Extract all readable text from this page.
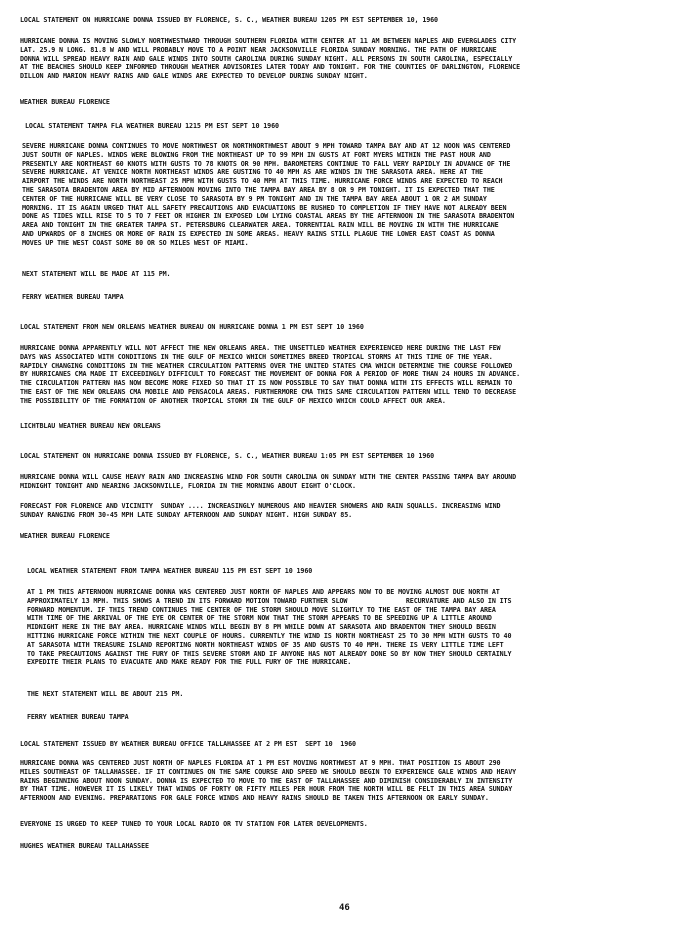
LOCAL STATEMENT ON HURRICANE DONNA ISSUED BY FLORENCE, S. C., WEATHER BUREAU 1205 PM EST SEPTEMBER 10, 1960

HURRICANE DONNA IS MOVING SLOWLY NORTHWESTWARD THROUGH SOUTHERN FLORIDA WITH CENTER AT 11 AM BETWEEN NAPLES AND EVERGLADES CITY
LAT. 25.9 N LONG. 81.8 W AND WILL PROBABLY MOVE TO A POINT NEAR JACKSONVILLE FLORIDA SUNDAY MORNING. THE PATH OF HURRICANE
DONNA WILL SPREAD HEAVY RAIN AND GALE WINDS INTO SOUTH CAROLINA DURING SUNDAY NIGHT. ALL PERSONS IN SOUTH CAROLINA, ESPECIALLY
AT THE BEACHES SHOULD KEEP INFORMED THROUGH WEATHER ADVISORIES LATER TODAY AND TONIGHT. FOR THE COUNTIES OF DARLINGTON, FLORENCE
DILLON AND MARION HEAVY RAINS AND GALE WINDS ARE EXPECTED TO DEVELOP DURING SUNDAY NIGHT.

WEATHER BUREAU FLORENCE

LOCAL STATEMENT TAMPA FLA WEATHER BUREAU 1215 PM EST SEPT 10 1960

SEVERE HURRICANE DONNA CONTINUES TO MOVE NORTHWEST OR NORTHNORTHWEST ABOUT 9 MPH TOWARD TAMPA BAY AND AT 12 NOON WAS CENTERED
JUST SOUTH OF NAPLES. WINDS WERE BLOWING FROM THE NORTHEAST UP TO 99 MPH IN GUSTS AT FORT MYERS WITHIN THE PAST HOUR AND
PRESENTLY ARE NORTHEAST 60 KNOTS WITH GUSTS TO 78 KNOTS OR 90 MPH. BAROMETERS CONTINUE TO FALL VERY RAPIDLY IN ADVANCE OF THE
SEVERE HURRICANE. AT VENICE NORTH NORTHEAST WINDS ARE GUSTING TO 40 MPH AS ARE WINDS IN THE SARASOTA AREA. HERE AT THE
AIRPORT THE WINDS ARE NORTH NORTHEAST 25 MPH WITH GUSTS TO 40 MPH AT THIS TIME. HURRICANE FORCE WINDS ARE EXPECTED TO REACH
THE SARASOTA BRADENTON AREA BY MID AFTERNOON MOVING INTO THE TAMPA BAY AREA BY 8 OR 9 PM TONIGHT. IT IS EXPECTED THAT THE
CENTER OF THE HURRICANE WILL BE VERY CLOSE TO SARASOTA BY 9 PM TONIGHT AND IN THE TAMPA BAY AREA ABOUT 1 OR 2 AM SUNDAY
MORNING. IT IS AGAIN URGED THAT ALL SAFETY PRECAUTIONS AND EVACUATIONS BE RUSHED TO COMPLETION IF THEY HAVE NOT ALREADY BEEN
DONE AS TIDES WILL RISE TO 5 TO 7 FEET OR HIGHER IN EXPOSED LOW LYING COASTAL AREAS BY THE AFTERNOON IN THE SARASOTA BRADENTON
AREA AND TONIGHT IN THE GREATER TAMPA ST. PETERSBURG CLEARWATER AREA. TORRENTIAL RAIN WILL BE MOVING IN WITH THE HURRICANE
AND UPWARDS OF 8 INCHES OR MORE OF RAIN IS EXPECTED IN SOME AREAS. HEAVY RAINS STILL PLAGUE THE LOWER EAST COAST AS DONNA
MOVES UP THE WEST COAST SOME 80 OR SO MILES WEST OF MIAMI.

NEXT STATEMENT WILL BE MADE AT 115 PM.

FERRY WEATHER BUREAU TAMPA

LOCAL STATEMENT FROM NEW ORLEANS WEATHER BUREAU ON HURRICANE DONNA 1 PM EST SEPT 10 1960

HURRICANE DONNA APPARENTLY WILL NOT AFFECT THE NEW ORLEANS AREA. THE UNSETTLED WEATHER EXPERIENCED HERE DURING THE LAST FEW
DAYS WAS ASSOCIATED WITH CONDITIONS IN THE GULF OF MEXICO WHICH SOMETIMES BREED TROPICAL STORMS AT THIS TIME OF THE YEAR.
RAPIDLY CHANGING CONDITIONS IN THE WEATHER CIRCULATION PATTERNS OVER THE UNITED STATES CMA WHICH DETERMINE THE COURSE FOLLOWED
BY HURRICANES CMA MADE IT EXCEEDINGLY DIFFICULT TO FORECAST THE MOVEMENT OF DONNA FOR A PERIOD OF MORE THAN 24 HOURS IN ADVANCE.
THE CIRCULATION PATTERN HAS NOW BECOME MORE FIXED SO THAT IT IS NOW POSSIBLE TO SAY THAT DONNA WITH ITS EFFECTS WILL REMAIN TO
THE EAST OF THE NEW ORLEANS CMA MOBILE AND PENSACOLA AREAS. FURTHERMORE CMA THIS SAME CIRCULATION PATTERN WILL TEND TO DECREASE
THE POSSIBILITY OF THE FORMATION OF ANOTHER TROPICAL STORM IN THE GULF OF MEXICO WHICH COULD AFFECT OUR AREA.

LICHTBLAU WEATHER BUREAU NEW ORLEANS

LOCAL STATEMENT ON HURRICANE DONNA ISSUED BY FLORENCE, S. C., WEATHER BUREAU 1:05 PM EST SEPTEMBER 10 1960

HURRICANE DONNA WILL CAUSE HEAVY RAIN AND INCREASING WIND FOR SOUTH CAROLINA ON SUNDAY WITH THE CENTER PASSING TAMPA BAY AROUND
MIDNIGHT TONIGHT AND NEARING JACKSONVILLE, FLORIDA IN THE MORNING ABOUT EIGHT O'CLOCK.

FORECAST FOR FLORENCE AND VICINITY  SUNDAY .... INCREASINGLY NUMEROUS AND HEAVIER SHOWERS AND RAIN SQUALLS. INCREASING WIND
SUNDAY RANGING FROM 30-45 MPH LATE SUNDAY AFTERNOON AND SUNDAY NIGHT. HIGH SUNDAY 85.

WEATHER BUREAU FLORENCE

LOCAL WEATHER STATEMENT FROM TAMPA WEATHER BUREAU 115 PM EST SEPT 10 1960

AT 1 PM THIS AFTERNOON HURRICANE DONNA WAS CENTERED JUST NORTH OF NAPLES AND APPEARS NOW TO BE MOVING ALMOST DUE NORTH AT
APPROXIMATELY 13 MPH. THIS SHOWS A TREND IN ITS FORWARD MOTION TOWARD FURTHER SLOW               RECURVATURE AND ALSO IN ITS
FORWARD MOMENTUM. IF THIS TREND CONTINUES THE CENTER OF THE STORM SHOULD MOVE SLIGHTLY TO THE EAST OF THE TAMPA BAY AREA
WITH TIME OF THE ARRIVAL OF THE EYE OR CENTER OF THE STORM NOW THAT THE STORM APPEARS TO BE SPEEDING UP A LITTLE AROUND
MIDNIGHT HERE IN THE BAY AREA. HURRICANE WINDS WILL BEGIN BY 8 PM WHILE DOWN AT SARASOTA AND BRADENTON THEY SHOULD BEGIN
HITTING HURRICANE FORCE WITHIN THE NEXT COUPLE OF HOURS. CURRENTLY THE WIND IS NORTH NORTHEAST 25 TO 30 MPH WITH GUSTS TO 40
AT SARASOTA WITH TREASURE ISLAND REPORTING NORTH NORTHEAST WINDS OF 35 AND GUSTS TO 40 MPH. THERE IS VERY LITTLE TIME LEFT
TO TAKE PRECAUTIONS AGAINST THE FURY OF THIS SEVERE STORM AND IF ANYONE HAS NOT ALREADY DONE SO BY NOW THEY SHOULD CERTAINLY
EXPEDITE THEIR PLANS TO EVACUATE AND MAKE READY FOR THE FULL FURY OF THE HURRICANE.

THE NEXT STATEMENT WILL BE ABOUT 215 PM.

FERRY WEATHER BUREAU TAMPA

LOCAL STATEMENT ISSUED BY WEATHER BUREAU OFFICE TALLAHASSEE AT 2 PM EST  SEPT 10  1960

HURRICANE DONNA WAS CENTERED JUST NORTH OF NAPLES FLORIDA AT 1 PM EST MOVING NORTHWEST AT 9 MPH. THAT POSITION IS ABOUT 290
MILES SOUTHEAST OF TALLAHASSEE. IF IT CONTINUES ON THE SAME COURSE AND SPEED WE SHOULD BEGIN TO EXPERIENCE GALE WINDS AND HEAVY
RAINS BEGINNING ABOUT NOON SUNDAY. DONNA IS EXPECTED TO MOVE TO THE EAST OF TALLAHASSEE AND DIMINISH CONSIDERABLY IN INTENSITY
BY THAT TIME. HOWEVER IT IS LIKELY THAT WINDS OF FORTY OR FIFTY MILES PER HOUR FROM THE NORTH WILL BE FELT IN THIS AREA SUNDAY
AFTERNOON AND EVENING. PREPARATIONS FOR GALE FORCE WINDS AND HEAVY RAINS SHOULD BE TAKEN THIS AFTERNOON OR EARLY SUNDAY.

EVERYONE IS URGED TO KEEP TUNED TO YOUR LOCAL RADIO OR TV STATION FOR LATER DEVELOPMENTS.

HUGHES WEATHER BUREAU TALLAHASSEE

46
